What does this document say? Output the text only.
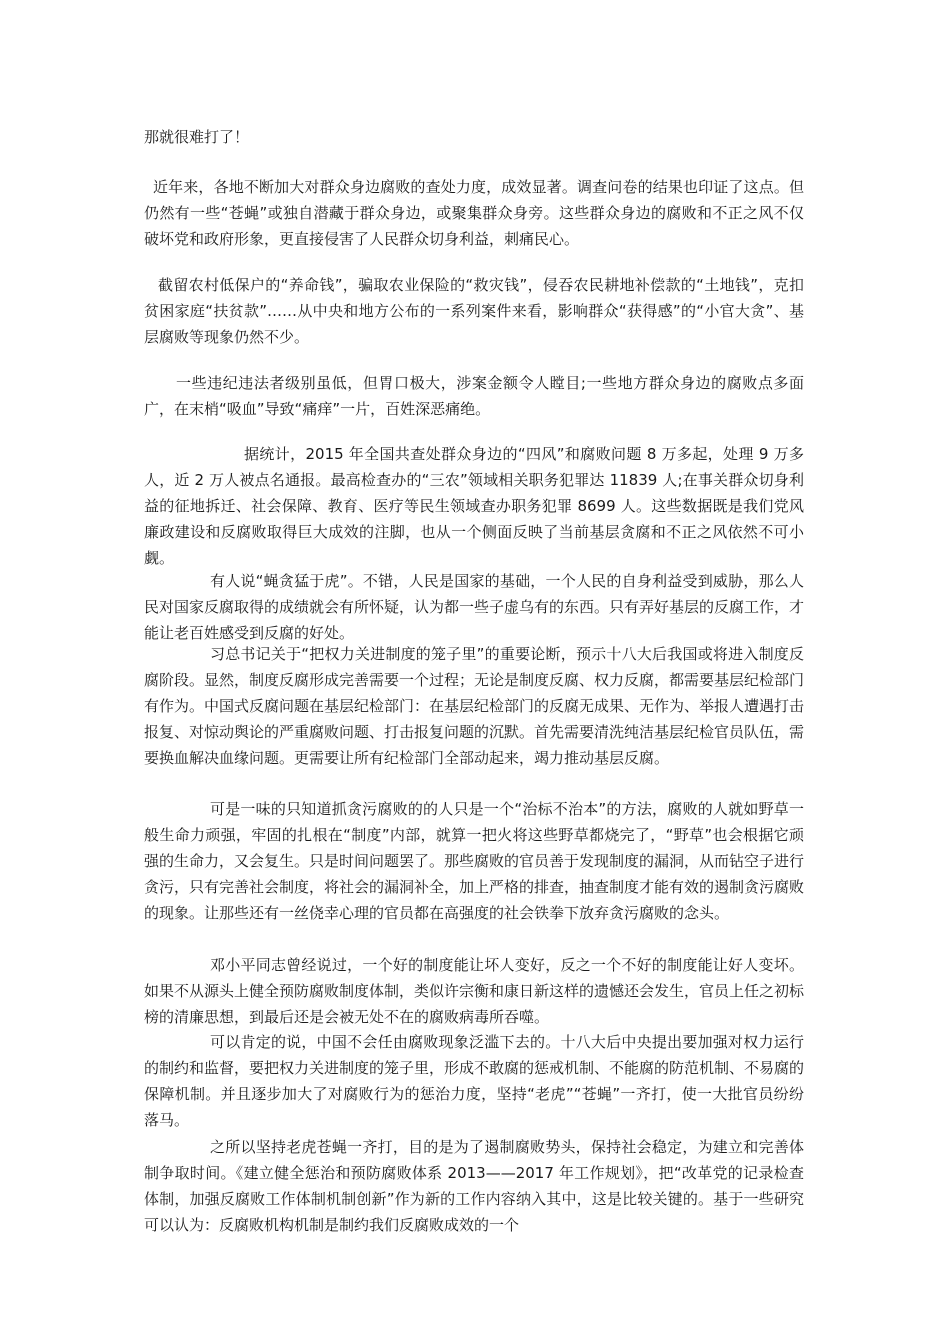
那就很难打了！

近年来，各地不断加大对群众身边腐败的查处力度，成效显著。调查问卷的结果也印证了这点。但仍然有一些“苍蝇”或独自潜藏于群众身边，或聚集群众身旁。这些群众身边的腐败和不正之风不仅破坏党和政府形象，更直接侵害了人民群众切身利益，刺痛民心。

截留农村低保户的“养命钱”，骗取农业保险的“救灾钱”，侵吞农民耕地补偿款的“土地钱”，克扣贫困家庭“扶贫款”……从中央和地方公布的一系列案件来看，影响群众“获得感”的“小官大贪”、基层腐败等现象仍然不少。

一些违纪违法者级别虽低，但胃口极大，涉案金额令人瞠目;一些地方群众身边的腐败点多面广，在末梢“吸血”导致“痛痒”一片，百姓深恶痛绝。

据统计，2015 年全国共查处群众身边的“四风”和腐败问题 8 万多起，处理 9 万多人，近 2 万人被点名通报。最高检查办的“三农”领域相关职务犯罪达 11839 人;在事关群众切身利益的征地拆迁、社会保障、教育、医疗等民生领域查办职务犯罪 8699 人。这些数据既是我们党风廉政建设和反腐败取得巨大成效的注脚，也从一个侧面反映了当前基层贪腐和不正之风依然不可小觑。

有人说“蝇贪猛于虎”。不错，人民是国家的基础，一个人民的自身利益受到威胁，那么人民对国家反腐取得的成绩就会有所怀疑，认为都一些子虚乌有的东西。只有弄好基层的反腐工作，才能让老百姓感受到反腐的好处。

习总书记关于“把权力关进制度的笼子里”的重要论断，预示十八大后我国或将进入制度反腐阶段。显然，制度反腐形成完善需要一个过程；无论是制度反腐、权力反腐，都需要基层纪检部门有作为。中国式反腐问题在基层纪检部门：在基层纪检部门的反腐无成果、无作为、举报人遭遇打击报复、对惊动舆论的严重腐败问题、打击报复问题的沉默。首先需要清洗纯洁基层纪检官员队伍，需要换血解决血缘问题。更需要让所有纪检部门全部动起来，竭力推动基层反腐。

可是一味的只知道抓贪污腐败的的人只是一个“治标不治本”的方法，腐败的人就如野草一般生命力顽强，牢固的扎根在“制度”内部，就算一把火将这些野草都烧完了，“野草”也会根据它顽强的生命力，又会复生。只是时间问题罢了。那些腐败的官员善于发现制度的漏洞，从而钻空子进行贪污，只有完善社会制度，将社会的漏洞补全，加上严格的排查，抽查制度才能有效的遏制贪污腐败的现象。让那些还有一丝侥幸心理的官员都在高强度的社会铁拳下放弃贪污腐败的念头。

邓小平同志曾经说过，一个好的制度能让坏人变好，反之一个不好的制度能让好人变坏。如果不从源头上健全预防腐败制度体制，类似许宗衡和康日新这样的遗憾还会发生，官员上任之初标榜的清廉思想，到最后还是会被无处不在的腐败病毒所吞噬。

可以肯定的说，中国不会任由腐败现象泛滥下去的。十八大后中央提出要加强对权力运行的制约和监督，要把权力关进制度的笼子里，形成不敢腐的惩戒机制、不能腐的防范机制、不易腐的保障机制。并且逐步加大了对腐败行为的惩治力度，坚持“老虎”“苍蝇”一齐打，使一大批官员纷纷落马。

之所以坚持老虎苍蝇一齐打，目的是为了遏制腐败势头，保持社会稳定，为建立和完善体制争取时间。《建立健全惩治和预防腐败体系 2013——2017 年工作规划》，把“改革党的记录检查体制，加强反腐败工作体制机制创新”作为新的工作内容纳入其中，这是比较关键的。基于一些研究可以认为：反腐败机构机制是制约我们反腐败成效的一个
